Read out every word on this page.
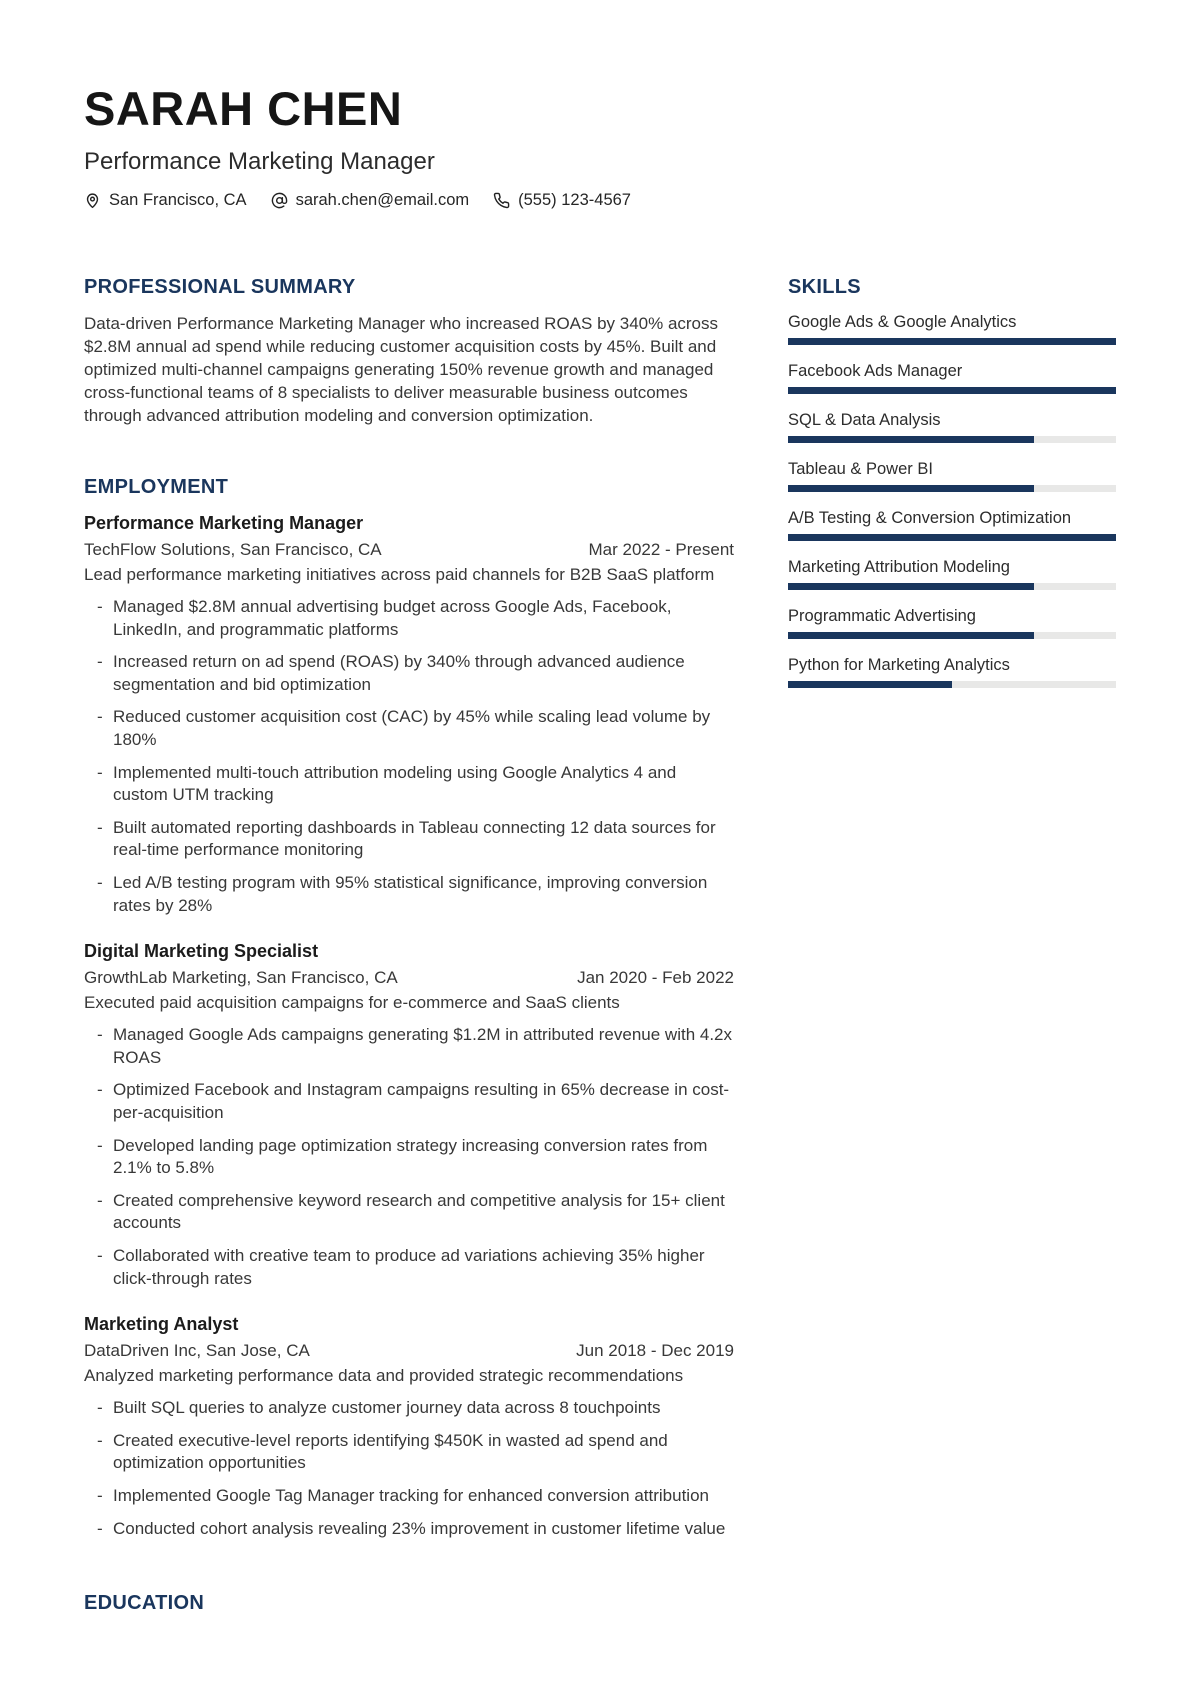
SARAH CHEN
Performance Marketing Manager
San Francisco, CA	sarah.chen@email.com	(555) 123-4567
PROFESSIONAL SUMMARY

Data-driven Performance Marketing Manager who increased ROAS by 340% across $2.8M annual ad spend while reducing customer acquisition costs by 45%. Built and optimized multi-channel campaigns generating 150% revenue growth and managed cross-functional teams of 8 specialists to deliver measurable business outcomes through advanced attribution modeling and conversion optimization.

EMPLOYMENT
Performance Marketing Manager
TechFlow Solutions, San Francisco, CA	Mar 2022 - Present

Lead performance marketing initiatives across paid channels for B2B SaaS platform

- Managed $2.8M annual advertising budget across Google Ads, Facebook, LinkedIn, and programmatic platforms
- Increased return on ad spend (ROAS) by 340% through advanced audience segmentation and bid optimization
- Reduced customer acquisition cost (CAC) by 45% while scaling lead volume by 180%
- Implemented multi-touch attribution modeling using Google Analytics 4 and custom UTM tracking
- Built automated reporting dashboards in Tableau connecting 12 data sources for real-time performance monitoring
- Led A/B testing program with 95% statistical significance, improving conversion rates by 28%
Digital Marketing Specialist
GrowthLab Marketing, San Francisco, CA	Jan 2020 - Feb 2022

Executed paid acquisition campaigns for e-commerce and SaaS clients

- Managed Google Ads campaigns generating $1.2M in attributed revenue with 4.2x ROAS
- Optimized Facebook and Instagram campaigns resulting in 65% decrease in cost-per-acquisition
- Developed landing page optimization strategy increasing conversion rates from 2.1% to 5.8%
- Created comprehensive keyword research and competitive analysis for 15+ client accounts
- Collaborated with creative team to produce ad variations achieving 35% higher click-through rates
Marketing Analyst
DataDriven Inc, San Jose, CA	Jun 2018 - Dec 2019

Analyzed marketing performance data and provided strategic recommendations

- Built SQL queries to analyze customer journey data across 8 touchpoints
- Created executive-level reports identifying $450K in wasted ad spend and optimization opportunities
- Implemented Google Tag Manager tracking for enhanced conversion attribution
- Conducted cohort analysis revealing 23% improvement in customer lifetime value
EDUCATION
SKILLS
Google Ads & Google Analytics
Facebook Ads Manager
SQL & Data Analysis
Tableau & Power BI
A/B Testing & Conversion Optimization
Marketing Attribution Modeling
Programmatic Advertising
Python for Marketing Analytics
